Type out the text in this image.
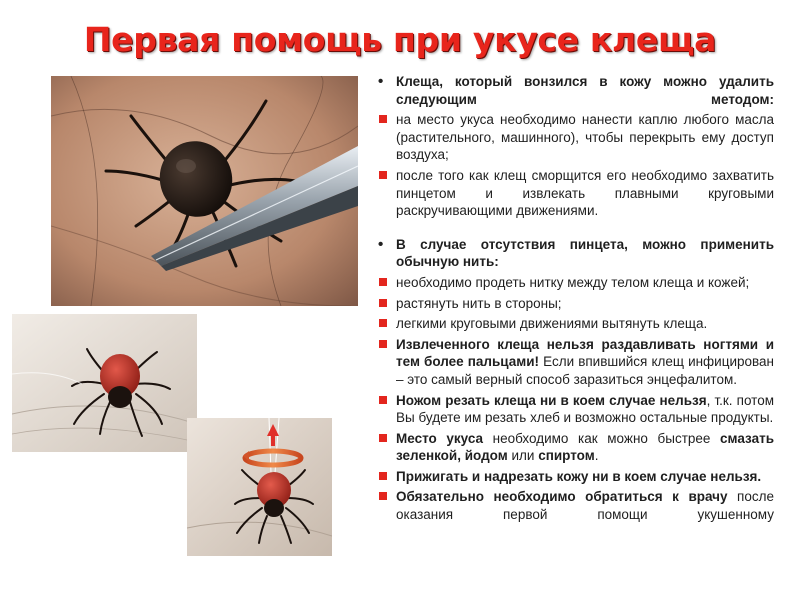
Первая помощь при укусе клеща
• Клеща, который вонзился в кожу можно удалить следующим методом:
на место укуса необходимо нанести каплю любого масла (растительного, машинного), чтобы перекрыть ему доступ воздуха;
после того как клещ сморщится его необходимо захватить пинцетом и извлекать плавными круговыми раскручивающими движениями.
• В случае отсутствия пинцета, можно применить обычную нить:
необходимо продеть нитку между телом клеща и кожей;
растянуть нить в стороны;
легкими круговыми движениями вытянуть клеща.
Извлеченного клеща нельзя раздавливать ногтями и тем более пальцами! Если впившийся клещ инфицирован – это самый верный способ заразиться энцефалитом.
Ножом резать клеща ни в коем случае нельзя, т.к. потом Вы будете им резать хлеб и возможно остальные продукты.
Место укуса необходимо как можно быстрее смазать зеленкой, йодом или спиртом.
Прижигать и надрезать кожу ни в коем случае нельзя.
Обязательно необходимо обратиться к врачу после оказания первой помощи укушенному
